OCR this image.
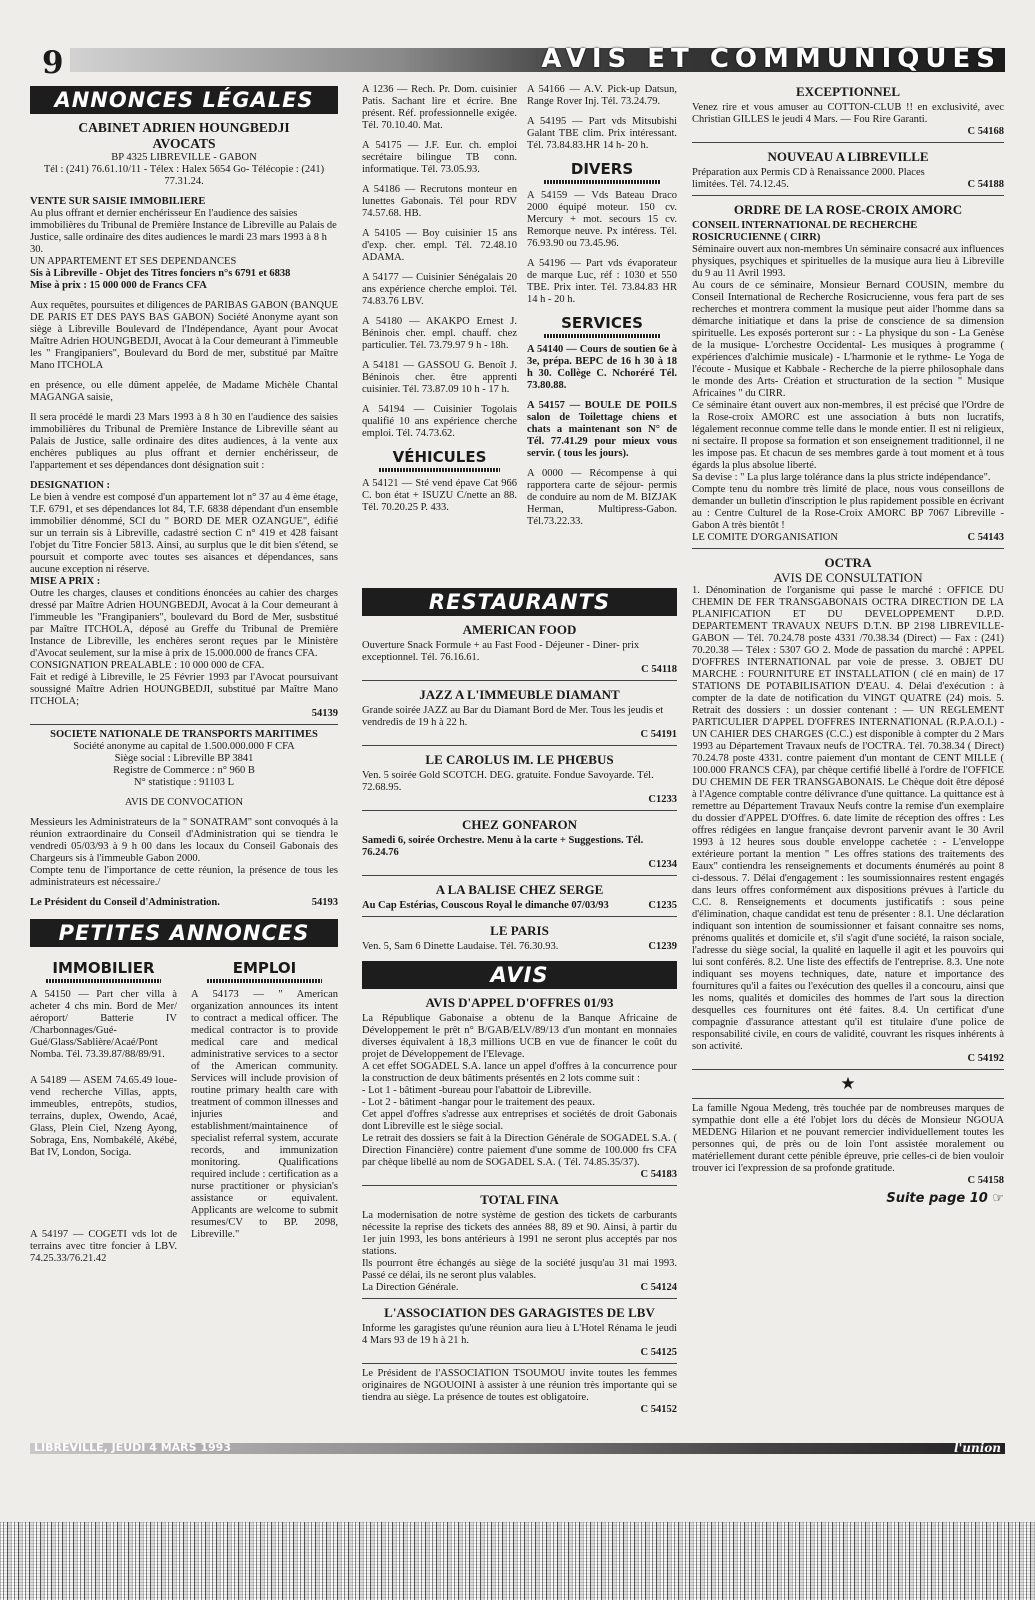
9	AVIS ET COMMUNIQUES
ANNONCES LÉGALES
CABINET ADRIEN HOUNGBEDJI
AVOCATS
BP 4325 LIBREVILLE - GABON

Tél : (241) 76.61.10/11 - Télex : Halex 5654 Go- Télécopie : (241) 77.31.24.

VENTE SUR SAISIE IMMOBILIERE
Au plus offrant et dernier enchérisseur En l'audience des saisies immobilières du Tribunal de Première Instance de Libreville au Palais de Justice, salle ordinaire des dites audiences le mardi 23 mars 1993 à 8 h 30.
UN APPARTEMENT ET SES DEPENDANCES
Sis à Libreville - Objet des Titres fonciers n°s 6791 et 6838

Mise à prix : 15 000 000 de Francs CFA

Aux requêtes, poursuites et diligences de PARIBAS GABON (BANQUE DE PARIS ET DES PAYS BAS GABON) Société Anonyme ayant son siège à Libreville Boulevard de l'Indépendance, Ayant pour Avocat Maître Adrien HOUNGBEDJI, Avocat à la Cour demeurant à l'immeuble les " Frangipaniers", Boulevard du Bord de mer, substitué par Maître Mano ITCHOLA

en présence, ou elle dûment appelée, de Madame Michèle Chantal MAGANGA saisie,

Il sera procédé le mardi 23 Mars 1993 à 8 h 30 en l'audience des saisies immobilières du Tribunal de Première Instance de Libreville séant au Palais de Justice, salle ordinaire des dites audiences, à la vente aux enchères publiques au plus offrant et dernier enchérisseur, de l'appartement et ses dépendances dont désignation suit :

DESIGNATION :
Le bien à vendre est composé d'un appartement lot n° 37 au 4 ème étage, T.F. 6791, et ses dépendances lot 84, T.F. 6838 dépendant d'un ensemble immobilier dénommé, SCI du " BORD DE MER OZANGUE", édifié sur un terrain sis à Libreville, cadastré section C n° 419 et 428 faisant l'objet du Titre Foncier 5813. Ainsi, au surplus que le dit bien s'étend, se poursuit et comporte avec toutes ses aisances et dépendances, sans aucune exception ni réserve.
MISE A PRIX :
Outre les charges, clauses et conditions énoncées au cahier des charges dressé par Maître Adrien HOUNGBEDJI, Avocat à la Cour demeurant à l'immeuble les "Frangipaniers", boulevard du Bord de Mer, susbstitué par Maître ITCHOLA, déposé au Greffe du Tribunal de Première Instance de Libreville, les enchères seront reçues par le Ministère d'Avocat seulement, sur la mise à prix de 15.000.000 de francs CFA.
CONSIGNATION PREALABLE : 10 000 000 de CFA.
Fait et redigé à Libreville, le 25 Février 1993 par l'Avocat poursuivant soussigné Maître Adrien HOUNGBEDJI, substitué par Maître Mano ITCHOLA;
54139
SOCIETE NATIONALE DE TRANSPORTS MARITIMES
Société anonyme au capital de 1.500.000.000 F CFA
Siège social : Libreville BP 3841
Registre de Commerce : n° 960 B

N° statistique : 91103 L

AVIS DE CONVOCATION

Messieurs les Administrateurs de la " SONATRAM" sont convoqués à la réunion extraordinaire du Conseil d'Administration qui se tiendra le vendredi 05/03/93 à 9 h 00 dans les locaux du Conseil Gabonais des Chargeurs sis à l'immeuble Gabon 2000.

Compte tenu de l'importance de cette réunion, la présence de tous les administrateurs est nécessaire./

Le Président du Conseil d'Administration.	54193
PETITES ANNONCES
IMMOBILIER

A 54150 — Part cher villa à acheter 4 chs min. Bord de Mer/ aéroport/ Batterie IV /Charbonnages/Gué-Gué/Glass/Sablière/Acaé/Pont Nomba. Tél. 73.39.87/88/89/91.

A 54189 — ASEM 74.65.49 loue-vend recherche Villas, appts, immeubles, entrepôts, studios, terrains, duplex, Owendo, Acaé, Glass, Plein Ciel, Nzeng Ayong, Sobraga, Ens, Nombakélé, Akébé, Bat IV, London, Sociga.

A 54197 — COGETI vds lot de terrains avec titre foncier à LBV. 74.25.33/76.21.42

EMPLOI

A 54173 — " American organization announces its intent to contract a medical officer. The medical contractor is to provide medical care and medical administrative services to a sector of the American community. Services will include provision of routine primary health care with treatment of common illnesses and injuries and establishment/maintainence of specialist referral system, accurate records, and immunization monitoring. Qualifications required include : certification as a nurse practitioner or physician's assistance or equivalent. Applicants are welcome to submit resumes/CV to BP. 2098, Libreville."

A 1236 — Rech. Pr. Dom. cuisinier Patis. Sachant lire et écrire. Bne présent. Réf. professionnelle exigée. Tél. 70.10.40. Mat.

A 54175 — J.F. Eur. ch. emploi secrétaire bilingue TB conn. informatique. Tél. 73.05.93.

A 54186 — Recrutons monteur en lunettes Gabonais. Tél pour RDV 74.57.68. HB.

A 54105 — Boy cuisinier 15 ans d'exp. cher. empl. Tél. 72.48.10 ADAMA.

A 54177 — Cuisinier Sénégalais 20 ans expérience cherche emploi. Tél. 74.83.76 LBV.

A 54180 — AKAKPO Ernest J. Béninois cher. empl. chauff. chez particulier. Tél. 73.79.97 9 h - 18h.

A 54181 — GASSOU G. Benoît J. Béninois cher. être apprenti cuisinier. Tél. 73.87.09 10 h - 17 h.

A 54194 — Cuisinier Togolais qualifié 10 ans expérience cherche emploi. Tél. 74.73.62.

VÉHICULES

A 54121 — Sté vend épave Cat 966 C. bon état + ISUZU C/nette an 88. Tél. 70.20.25 P. 433.

A 54166 — A.V. Pick-up Datsun, Range Rover Inj. Tél. 73.24.79.

A 54195 — Part vds Mitsubishi Galant TBE clim. Prix intéressant. Tél. 73.84.83.HR 14 h- 20 h.

DIVERS

A 54159 — Vds Bateau Draco 2000 équipé moteur. 150 cv. Mercury + mot. secours 15 cv. Remorque neuve. Px intéress. Tél. 76.93.90 ou 73.45.96.

A 54196 — Part vds évaporateur de marque Luc, réf : 1030 et 550 TBE. Prix inter. Tél. 73.84.83 HR 14 h - 20 h.

SERVICES

A 54140 — Cours de soutien 6e à 3e, prépa. BEPC de 16 h 30 à 18 h 30. Collège C. Nchoréré Tél. 73.80.88.

A 54157 — BOULE DE POILS salon de Toilettage chiens et chats a maintenant son N° de Tél. 77.41.29 pour mieux vous servir. ( tous les jours).

A 0000 — Récompense à qui rapportera carte de séjour- permis de conduire au nom de M. BIZJAK Herman, Multipress-Gabon. Tél.73.22.33.

RESTAURANTS
AMERICAN FOOD
Ouverture Snack Formule + au Fast Food - Déjeuner - Diner- prix exceptionnel. Tél. 76.16.61.
C 54118
JAZZ A L'IMMEUBLE DIAMANT
Grande soirée JAZZ au Bar du Diamant Bord de Mer. Tous les jeudis et vendredis de 19 h à 22 h.
C 54191
LE CAROLUS IM. LE PHŒBUS
Ven. 5 soirée Gold SCOTCH. DEG. gratuite. Fondue Savoyarde. Tél. 72.68.95.
C1233
CHEZ GONFARON
Samedi 6, soirée Orchestre. Menu à la carte + Suggestions. Tél. 76.24.76
C1234
A LA BALISE CHEZ SERGE
Au Cap Estérias, Couscous Royal le dimanche 07/03/93	C1235
LE PARIS
Ven. 5, Sam 6 Dinette Laudaise. Tél. 76.30.93.	C1239
AVIS
AVIS D'APPEL D'OFFRES 01/93
La République Gabonaise a obtenu de la Banque Africaine de Développement le prêt n° B/GAB/ELV/89/13 d'un montant en monnaies diverses équivalent à 18,3 millions UCB en vue de financer le coût du projet de Développement de l'Elevage.
A cet effet SOGADEL S.A. lance un appel d'offres à la concurrence pour la construction de deux bâtiments présentés en 2 lots comme suit :
- Lot 1 - bâtiment -bureau pour l'abattoir de Libreville.
- Lot 2 - bâtiment -hangar pour le traitement des peaux.
Cet appel d'offres s'adresse aux entreprises et sociétés de droit Gabonais dont Libreville est le siège social.
Le retrait des dossiers se fait à la Direction Générale de SOGADEL S.A. ( Direction Financière) contre paiement d'une somme de 100.000 frs CFA par chèque libellé au nom de SOGADEL S.A. ( Tél. 74.85.35/37).
C 54183
TOTAL FINA
La modernisation de notre système de gestion des tickets de carburants nécessite la reprise des tickets des années 88, 89 et 90. Ainsi, à partir du 1er juin 1993, les bons antérieurs à 1991 ne seront plus acceptés par nos stations.
Ils pourront être échangés au siège de la société jusqu'au 31 mai 1993. Passé ce délai, ils ne seront plus valables.
La Direction Générale.	C 54124
L'ASSOCIATION DES GARAGISTES DE LBV
Informe les garagistes qu'une réunion aura lieu à L'Hotel Rénama le jeudi 4 Mars 93 de 19 h à 21 h.
C 54125
Le Président de l'ASSOCIATION TSOUMOU invite toutes les femmes originaires de NGOUOINI à assister à une réunion très importante qui se tiendra au siège. La présence de toutes est obligatoire.
C 54152
EXCEPTIONNEL
Venez rire et vous amuser au COTTON-CLUB !! en exclusivité, avec Christian GILLES le jeudi 4 Mars. — Fou Rire Garanti.
C 54168
NOUVEAU A LIBREVILLE
Préparation aux Permis CD à Renaissance 2000. Places limitées. Tél. 74.12.45.	C 54188
ORDRE DE LA ROSE-CROIX AMORC
CONSEIL INTERNATIONAL DE RECHERCHE ROSICRUCIENNE ( CIRR)
Séminaire ouvert aux non-membres Un séminaire consacré aux influences physiques, psychiques et spirituelles de la musique aura lieu à Libreville du 9 au 11 Avril 1993.
Au cours de ce séminaire, Monsieur Bernard COUSIN, membre du Conseil International de Recherche Rosicrucienne, vous fera part de ses recherches et montrera comment la musique peut aider l'homme dans sa démarche initiatique et dans la prise de conscience de sa dimension spirituelle. Les exposés porteront sur : - La physique du son - La Genèse de la musique- L'orchestre Occidental- Les musiques à programme ( expériences d'alchimie musicale) - L'harmonie et le rythme- Le Yoga de l'écoute - Musique et Kabbale - Recherche de la pierre philosophale dans le monde des Arts- Création et structuration de la section " Musique Africaines " du CIRR.
Ce séminaire étant ouvert aux non-membres, il est précisé que l'Ordre de la Rose-croix AMORC est une association à buts non lucratifs, légalement reconnue comme telle dans le monde entier. Il est ni religieux, ni sectaire. Il propose sa formation et son enseignement traditionnel, il ne les impose pas. Et chacun de ses membres garde à tout moment et à tous égards la plus absolue liberté.
Sa devise : " La plus large tolérance dans la plus stricte indépendance".
Compte tenu du nombre très limité de place, nous vous conseillons de demander un bulletin d'inscription le plus rapidement possible en écrivant au : Centre Culturel de la Rose-Croix AMORC BP 7067 Libreville - Gabon A très bientôt !
LE COMITE D'ORGANISATION	C 54143
OCTRA
AVIS DE CONSULTATION
1. Dénomination de l'organisme qui passe le marché : OFFICE DU CHEMIN DE FER TRANSGABONAIS OCTRA DIRECTION DE LA PLANIFICATION ET DU DEVELOPPEMENT D.P.D. DEPARTEMENT TRAVAUX NEUFS D.T.N. BP 2198 LIBREVILLE-GABON — Tél. 70.24.78 poste 4331 /70.38.34 (Direct) — Fax : (241) 70.20.38 — Télex : 5307 GO 2. Mode de passation du marché : APPEL D'OFFRES INTERNATIONAL par voie de presse. 3. OBJET DU MARCHE : FOURNITURE ET INSTALLATION ( clé en main) de 17 STATIONS DE POTABILISATION D'EAU. 4. Délai d'exécution : à compter de la date de notification du VINGT QUATRE (24) mois. 5. Retrait des dossiers : un dossier contenant : — UN REGLEMENT PARTICULIER D'APPEL D'OFFRES INTERNATIONAL (R.P.A.O.I.) - UN CAHIER DES CHARGES (C.C.) est disponible à compter du 2 Mars 1993 au Département Travaux neufs de l'OCTRA. Tél. 70.38.34 ( Direct) 70.24.78 poste 4331. contre paiement d'un montant de CENT MILLE ( 100.000 FRANCS CFA), par chèque certifié libellé à l'ordre de l'OFFICE DU CHEMIN DE FER TRANSGABONAIS. Le Chèque doit être déposé à l'Agence comptable contre délivrance d'une quittance. La quittance est à remettre au Département Travaux Neufs contre la remise d'un exemplaire du dossier d'APPEL D'Offres. 6. date limite de réception des offres : Les offres rédigées en langue française devront parvenir avant le 30 Avril 1993 à 12 heures sous double enveloppe cachetée : - L'enveloppe extérieure portant la mention " Les offres stations des traitements des Eaux" contiendra les renseignements et documents énumérés au point 8 ci-dessous. 7. Délai d'engagement : les soumissionnaires restent engagés dans leurs offres conformément aux dispositions prévues à l'article du C.C. 8. Renseignements et documents justificatifs : sous peine d'élimination, chaque candidat est tenu de présenter : 8.1. Une déclaration indiquant son intention de soumissionner et faisant connaitre ses noms, prénoms qualités et domicile et, s'il s'agit d'une société, la raison sociale, l'adresse du siège social, la qualité en laquelle il agit et les pouvoirs qui lui sont conférés. 8.2. Une liste des effectifs de l'entreprise. 8.3. Une note indiquant ses moyens techniques, date, nature et importance des fournitures qu'il a faites ou l'exécution des quelles il a concouru, ainsi que les noms, qualités et domiciles des hommes de l'art sous la direction desquelles ces fournitures ont été faites. 8.4. Un certificat d'une compagnie d'assurance attestant qu'il est titulaire d'une police de responsabilité civile, en cours de validité, couvrant les risques inhérents à son activité.
C 54192
★
La famille Ngoua Medeng, très touchée par de nombreuses marques de sympathie dont elle a été l'objet lors du décès de Monsieur NGOUA MEDENG Hilarion et ne pouvant remercier individuellement toutes les personnes qui, de près ou de loin l'ont assistée moralement ou matériellement durant cette pénible épreuve, prie celles-ci de bien vouloir trouver ici l'expression de sa profonde gratitude.
C 54158
Suite page 10 ☞
LIBREVILLE, JEUDI 4 MARS 1993	l'union
